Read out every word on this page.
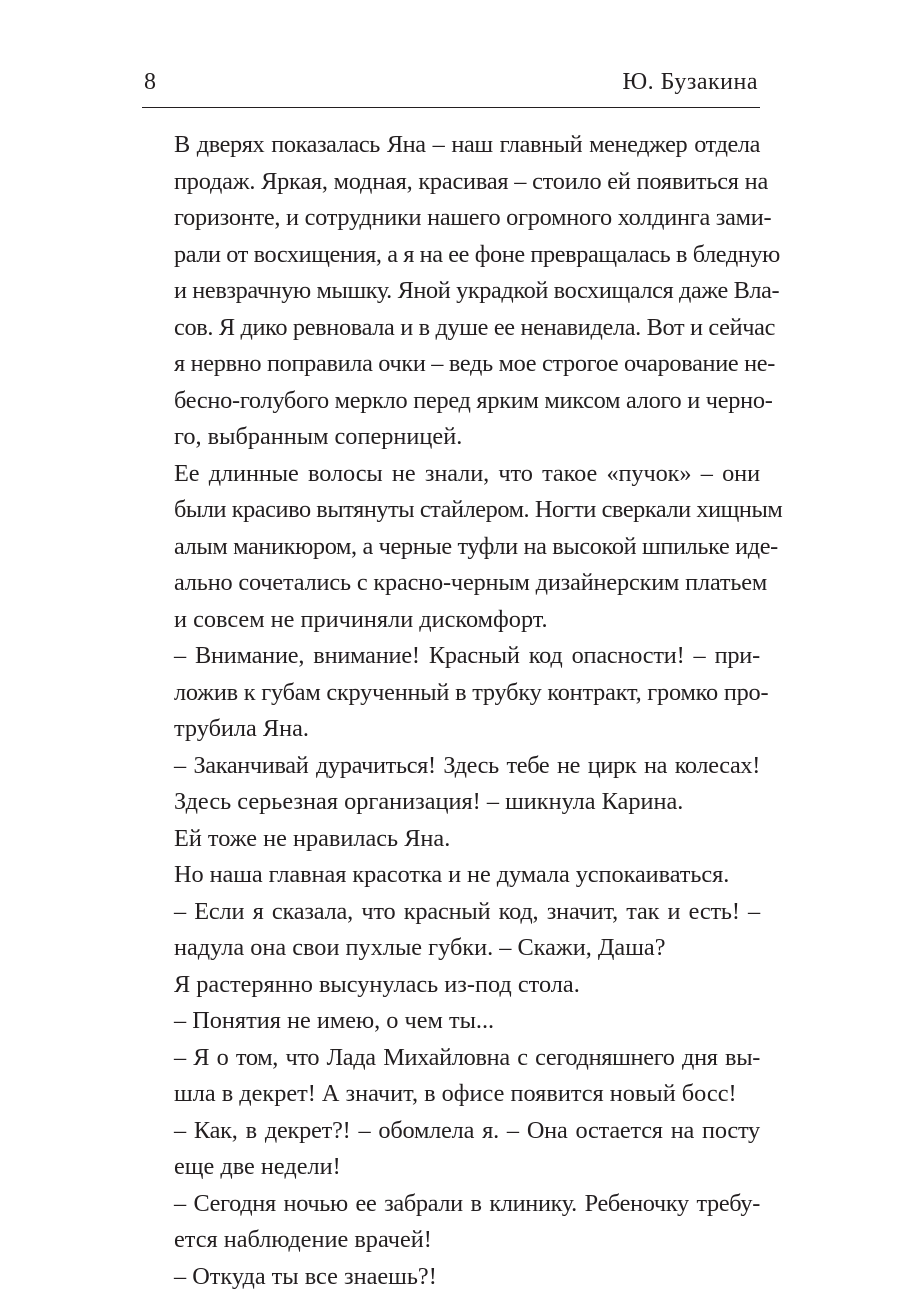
8	Ю. Бузакина

В дверях показалась Яна – наш главный менеджер отдела
продаж. Яркая, модная, красивая – стоило ей появиться на
горизонте, и сотрудники нашего огромного холдинга зами-
рали от восхищения, а я на ее фоне превращалась в бледную
и невзрачную мышку. Яной украдкой восхищался даже Вла-
сов. Я дико ревновала и в душе ее ненавидела. Вот и сейчас
я нервно поправила очки – ведь мое строгое очарование не-
бесно-голубого меркло перед ярким миксом алого и черно-
го, выбранным соперницей.

Ее длинные волосы не знали, что такое «пучок» – они
были красиво вытянуты стайлером. Ногти сверкали хищным
алым маникюром, а черные туфли на высокой шпильке иде-
ально сочетались с красно-черным дизайнерским платьем
и совсем не причиняли дискомфорт.

– Внимание, внимание! Красный код опасности! – при-
ложив к губам скрученный в трубку контракт, громко про-
трубила Яна.

– Заканчивай дурачиться! Здесь тебе не цирк на колесах!
Здесь серьезная организация! – шикнула Карина.

Ей тоже не нравилась Яна.

Но наша главная красотка и не думала успокаиваться.

– Если я сказала, что красный код, значит, так и есть! –
надула она свои пухлые губки. – Скажи, Даша?

Я растерянно высунулась из-под стола.

– Понятия не имею, о чем ты...

– Я о том, что Лада Михайловна с сегодняшнего дня вы-
шла в декрет! А значит, в офисе появится новый босс!

– Как, в декрет?! – обомлела я. – Она остается на посту
еще две недели!

– Сегодня ночью ее забрали в клинику. Ребеночку требу-
ется наблюдение врачей!

– Откуда ты все знаешь?!
